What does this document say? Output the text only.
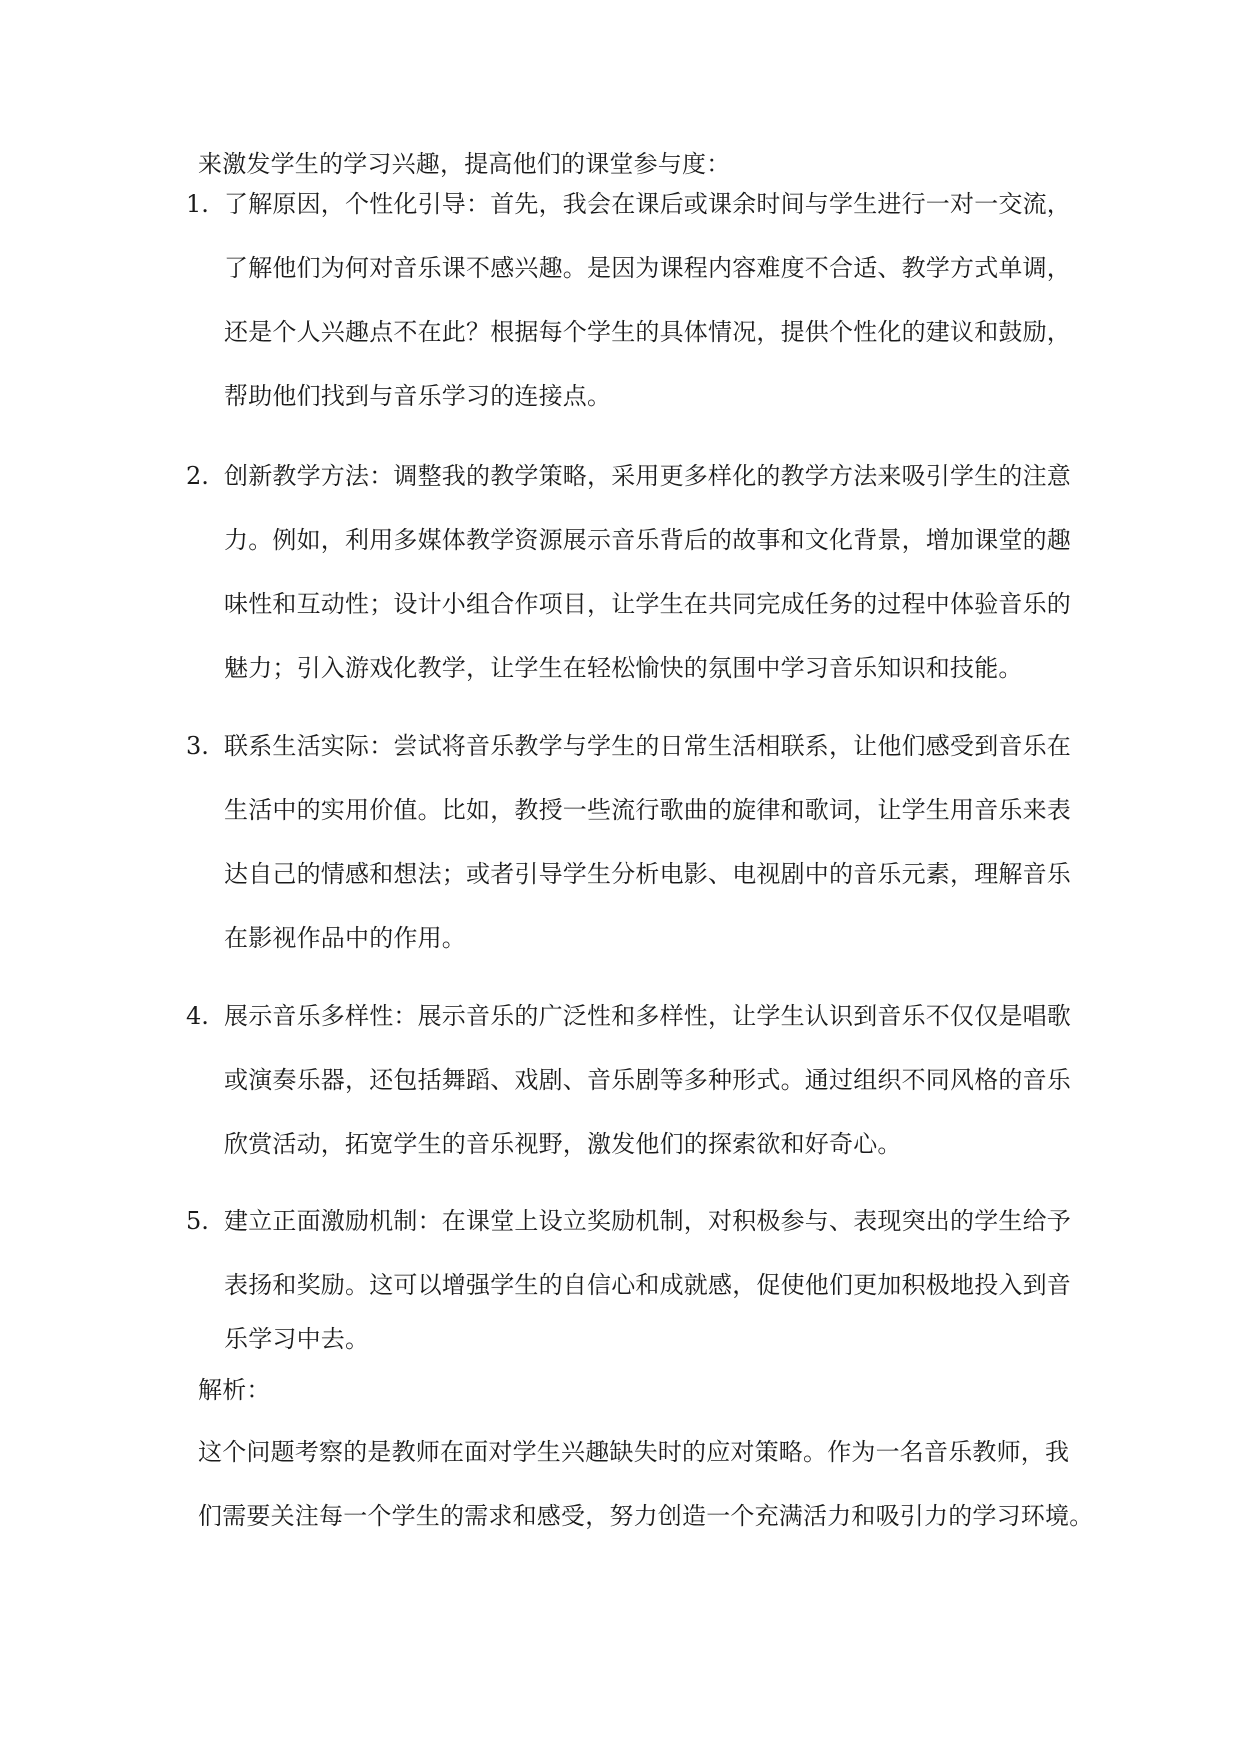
来激发学生的学习兴趣，提高他们的课堂参与度：
1. 了解原因，个性化引导：首先，我会在课后或课余时间与学生进行一对一交流，
了解他们为何对音乐课不感兴趣。是因为课程内容难度不合适、教学方式单调，
还是个人兴趣点不在此？根据每个学生的具体情况，提供个性化的建议和鼓励，
帮助他们找到与音乐学习的连接点。
2. 创新教学方法：调整我的教学策略，采用更多样化的教学方法来吸引学生的注意
力。例如，利用多媒体教学资源展示音乐背后的故事和文化背景，增加课堂的趣
味性和互动性；设计小组合作项目，让学生在共同完成任务的过程中体验音乐的
魅力；引入游戏化教学，让学生在轻松愉快的氛围中学习音乐知识和技能。
3. 联系生活实际：尝试将音乐教学与学生的日常生活相联系，让他们感受到音乐在
生活中的实用价值。比如，教授一些流行歌曲的旋律和歌词，让学生用音乐来表
达自己的情感和想法；或者引导学生分析电影、电视剧中的音乐元素，理解音乐
在影视作品中的作用。
4. 展示音乐多样性：展示音乐的广泛性和多样性，让学生认识到音乐不仅仅是唱歌
或演奏乐器，还包括舞蹈、戏剧、音乐剧等多种形式。通过组织不同风格的音乐
欣赏活动，拓宽学生的音乐视野，激发他们的探索欲和好奇心。
5. 建立正面激励机制：在课堂上设立奖励机制，对积极参与、表现突出的学生给予
表扬和奖励。这可以增强学生的自信心和成就感，促使他们更加积极地投入到音
乐学习中去。
解析：
这个问题考察的是教师在面对学生兴趣缺失时的应对策略。作为一名音乐教师，我
们需要关注每一个学生的需求和感受，努力创造一个充满活力和吸引力的学习环境。
